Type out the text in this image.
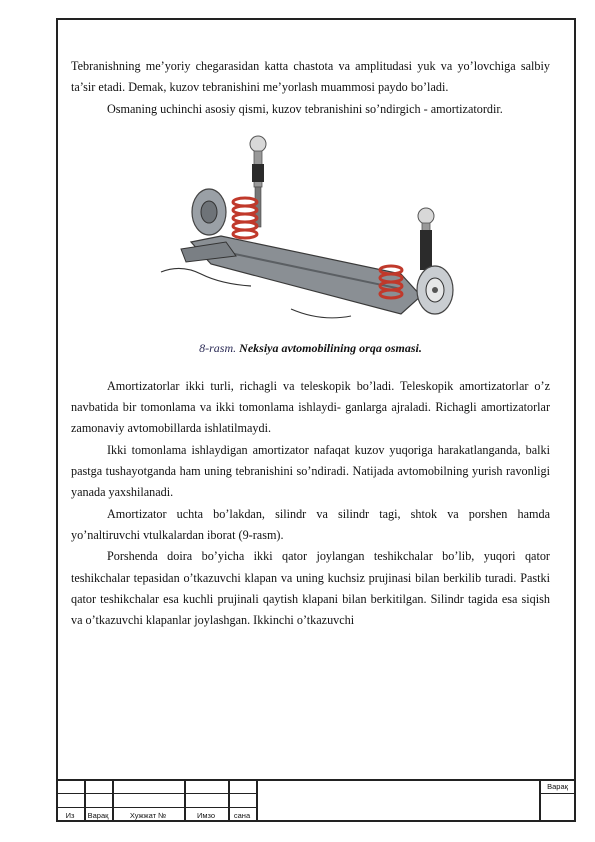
Tebranishning me’yoriy chegarasidan katta chastota va amplitudasi yuk va yo’lovchiga salbiy ta’sir etadi. Demak, kuzov tebranishini me’yorlash muammosi paydo bo’ladi.

Osmaning uchinchi asosiy qismi, kuzov tebranishini so’ndirgich - amortizatordir.

8-rasm. Neksiya avtomobilining orqa osmasi.

Amortizatorlar ikki turli, richagli va teleskopik bo’ladi. Teleskopik amortizatorlar o’z navbatida bir tomonlama va ikki tomonlama ishlaydi- ganlarga ajraladi. Richagli amortizatorlar zamonaviy avtomobillarda ishlatilmaydi.

Ikki tomonlama ishlaydigan amortizator nafaqat kuzov yuqoriga harakatlanganda, balki pastga tushayotganda ham uning tebranishini so’ndiradi. Natijada avtomobilning yurish ravonligi yanada yaxshilanadi.

Amortizator uchta bo’lakdan, silindr va silindr tagi, shtok va porshen hamda yo’naltiruvchi vtulkalardan iborat (9-rasm).

Porshenda doira bo’yicha ikki qator joylangan teshikchalar bo’lib, yuqori qator teshikchalar tepasidan o’tkazuvchi klapan va uning kuchsiz prujinasi bilan berkilib turadi. Pastki qator teshikchalar esa kuchli prujinali qaytish klapani bilan berkitilgan. Silindr tagida esa siqish va o’tkazuvchi klapanlar joylashgan. Ikkinchi o’tkazuvchi

Из	Варақ	Хужжат №	Имзо	сана
Варақ
